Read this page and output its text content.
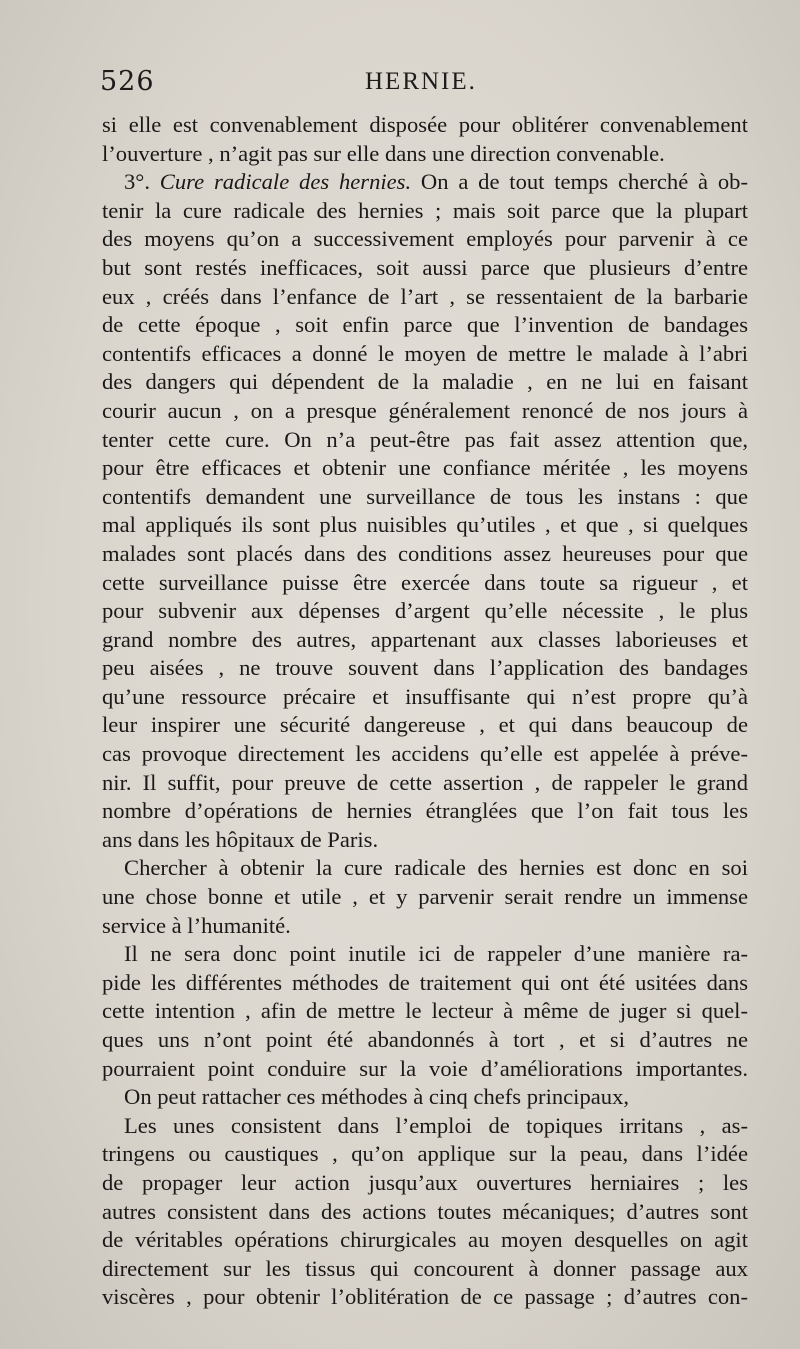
526	HERNIE.
si elle est convenablement disposée pour oblitérer convenablement
l’ouverture , n’agit pas sur elle dans une direction convenable.
3°. Cure radicale des hernies. On a de tout temps cherché à ob-
tenir la cure radicale des hernies ; mais soit parce que la plupart
des moyens qu’on a successivement employés pour parvenir à ce
but sont restés inefficaces, soit aussi parce que plusieurs d’entre
eux , créés dans l’enfance de l’art , se ressentaient de la barbarie
de cette époque , soit enfin parce que l’invention de bandages
contentifs efficaces a donné le moyen de mettre le malade à l’abri
des dangers qui dépendent de la maladie , en ne lui en faisant
courir aucun , on a presque généralement renoncé de nos jours à
tenter cette cure. On n’a peut-être pas fait assez attention que,
pour être efficaces et obtenir une confiance méritée , les moyens
contentifs demandent une surveillance de tous les instans : que
mal appliqués ils sont plus nuisibles qu’utiles , et que , si quelques
malades sont placés dans des conditions assez heureuses pour que
cette surveillance puisse être exercée dans toute sa rigueur , et
pour subvenir aux dépenses d’argent qu’elle nécessite , le plus
grand nombre des autres, appartenant aux classes laborieuses et
peu aisées , ne trouve souvent dans l’application des bandages
qu’une ressource précaire et insuffisante qui n’est propre qu’à
leur inspirer une sécurité dangereuse , et qui dans beaucoup de
cas provoque directement les accidens qu’elle est appelée à préve-
nir. Il suffit, pour preuve de cette assertion , de rappeler le grand
nombre d’opérations de hernies étranglées que l’on fait tous les
ans dans les hôpitaux de Paris.
Chercher à obtenir la cure radicale des hernies est donc en soi
une chose bonne et utile , et y parvenir serait rendre un immense
service à l’humanité.
Il ne sera donc point inutile ici de rappeler d’une manière ra-
pide les différentes méthodes de traitement qui ont été usitées dans
cette intention , afin de mettre le lecteur à même de juger si quel-
ques uns n’ont point été abandonnés à tort , et si d’autres ne
pourraient point conduire sur la voie d’améliorations importantes.
On peut rattacher ces méthodes à cinq chefs principaux,
Les unes consistent dans l’emploi de topiques irritans , as-
tringens ou caustiques , qu’on applique sur la peau, dans l’idée
de propager leur action jusqu’aux ouvertures herniaires ; les
autres consistent dans des actions toutes mécaniques; d’autres sont
de véritables opérations chirurgicales au moyen desquelles on agit
directement sur les tissus qui concourent à donner passage aux
viscères , pour obtenir l’oblitération de ce passage ; d’autres con-
